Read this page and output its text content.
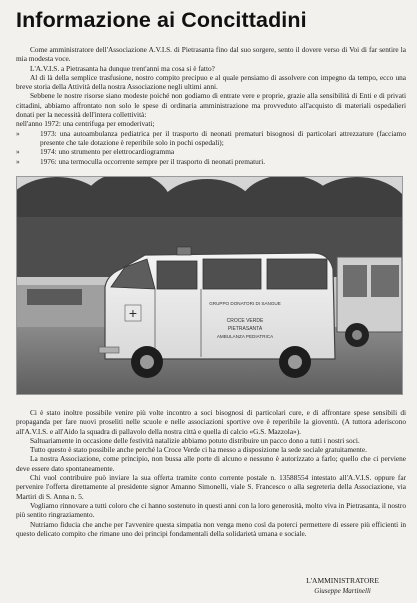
Informazione ai Concittadini

Come amministratore dell'Associazione A.V.I.S. di Pietrasanta fino dal suo sorgere, sento il dovere verso di Voi di far sentire la mia modesta voce.

L'A.V.I.S. a Pietrasanta ha dunque trent'anni ma cosa si è fatto?

Al di là della semplice trasfusione, nostro compito precipuo e al quale pensiamo di assolvere con impegno da tempo, ecco una breve storia della Attività della nostra Associazione negli ultimi anni.

Sebbene le nostre risorse siano modeste poiché non godiamo di entrate vere e proprie, grazie alla sensibilità di Enti e di privati cittadini, abbiamo affrontato non solo le spese di ordinaria amministrazione ma provveduto all'acquisto di materiali ospedalieri donati per la necessità dell'intera collettività:

nell'anno 1972: una centrifuga per emoderivati;
»	1973: una autoambulanza pediatrica per il trasporto di neonati prematuri bisognosi di particolari attrezzature (facciamo presente che tale dotazione è reperibile solo in pochi ospedali);
»	1974: uno strumento per elettrocardiogramma
»	1976: una termoculla occorrente sempre per il trasporto di neonati prematuri.
+
GRUPPO DONATORI DI SANGUE
CROCE VERDE
PIETRASANTA
AMBULANZA PEDIATRICA

Ci è stato inoltre possibile venire più volte incontro a soci bisognosi di particolari cure, e di affrontare spese sensibili di propaganda per fare nuovi proseliti nelle scuole e nelle associazioni sportive ove è reperibile la gioventù. (A tuttora aderiscono all'A.V.I.S. e all'Aido la squadra di pallavolo della nostra città e quella di calcio «G.S. Mazzola»).

Saltuariamente in occasione delle festività natalizie abbiamo potuto distribuire un pacco dono a tutti i nostri soci.

Tutto questo è stato possibile anche perché la Croce Verde ci ha messo a disposizione la sede sociale gratuitamente.

La nostra Associazione, come principio, non bussa alle porte di alcuno e nessuno è autorizzato a farlo; quello che ci perviene deve essere dato spontaneamente.

Chi vuol contribuire può inviare la sua offerta tramite conto corrente postale n. 13588554 intestato all'A.V.I.S. oppure far pervenire l'offerta direttamente al presidente signor Amanno Simonelli, viale S. Francesco o alla segreteria della Associazione, via Martiri di S. Anna n. 5.

Vogliamo rinnovare a tutti coloro che ci hanno sostenuto in questi anni con la loro generosità, molto viva in Pietrasanta, il nostro più sentito ringraziamento.

Nutriamo fiducia che anche per l'avvenire questa simpatia non venga meno così da poterci permettere di essere più efficienti in questo delicato compito che rimane uno dei principi fondamentali della solidarietà umana e sociale.

L'AMMINISTRATORE
Giuseppe Martinelli
